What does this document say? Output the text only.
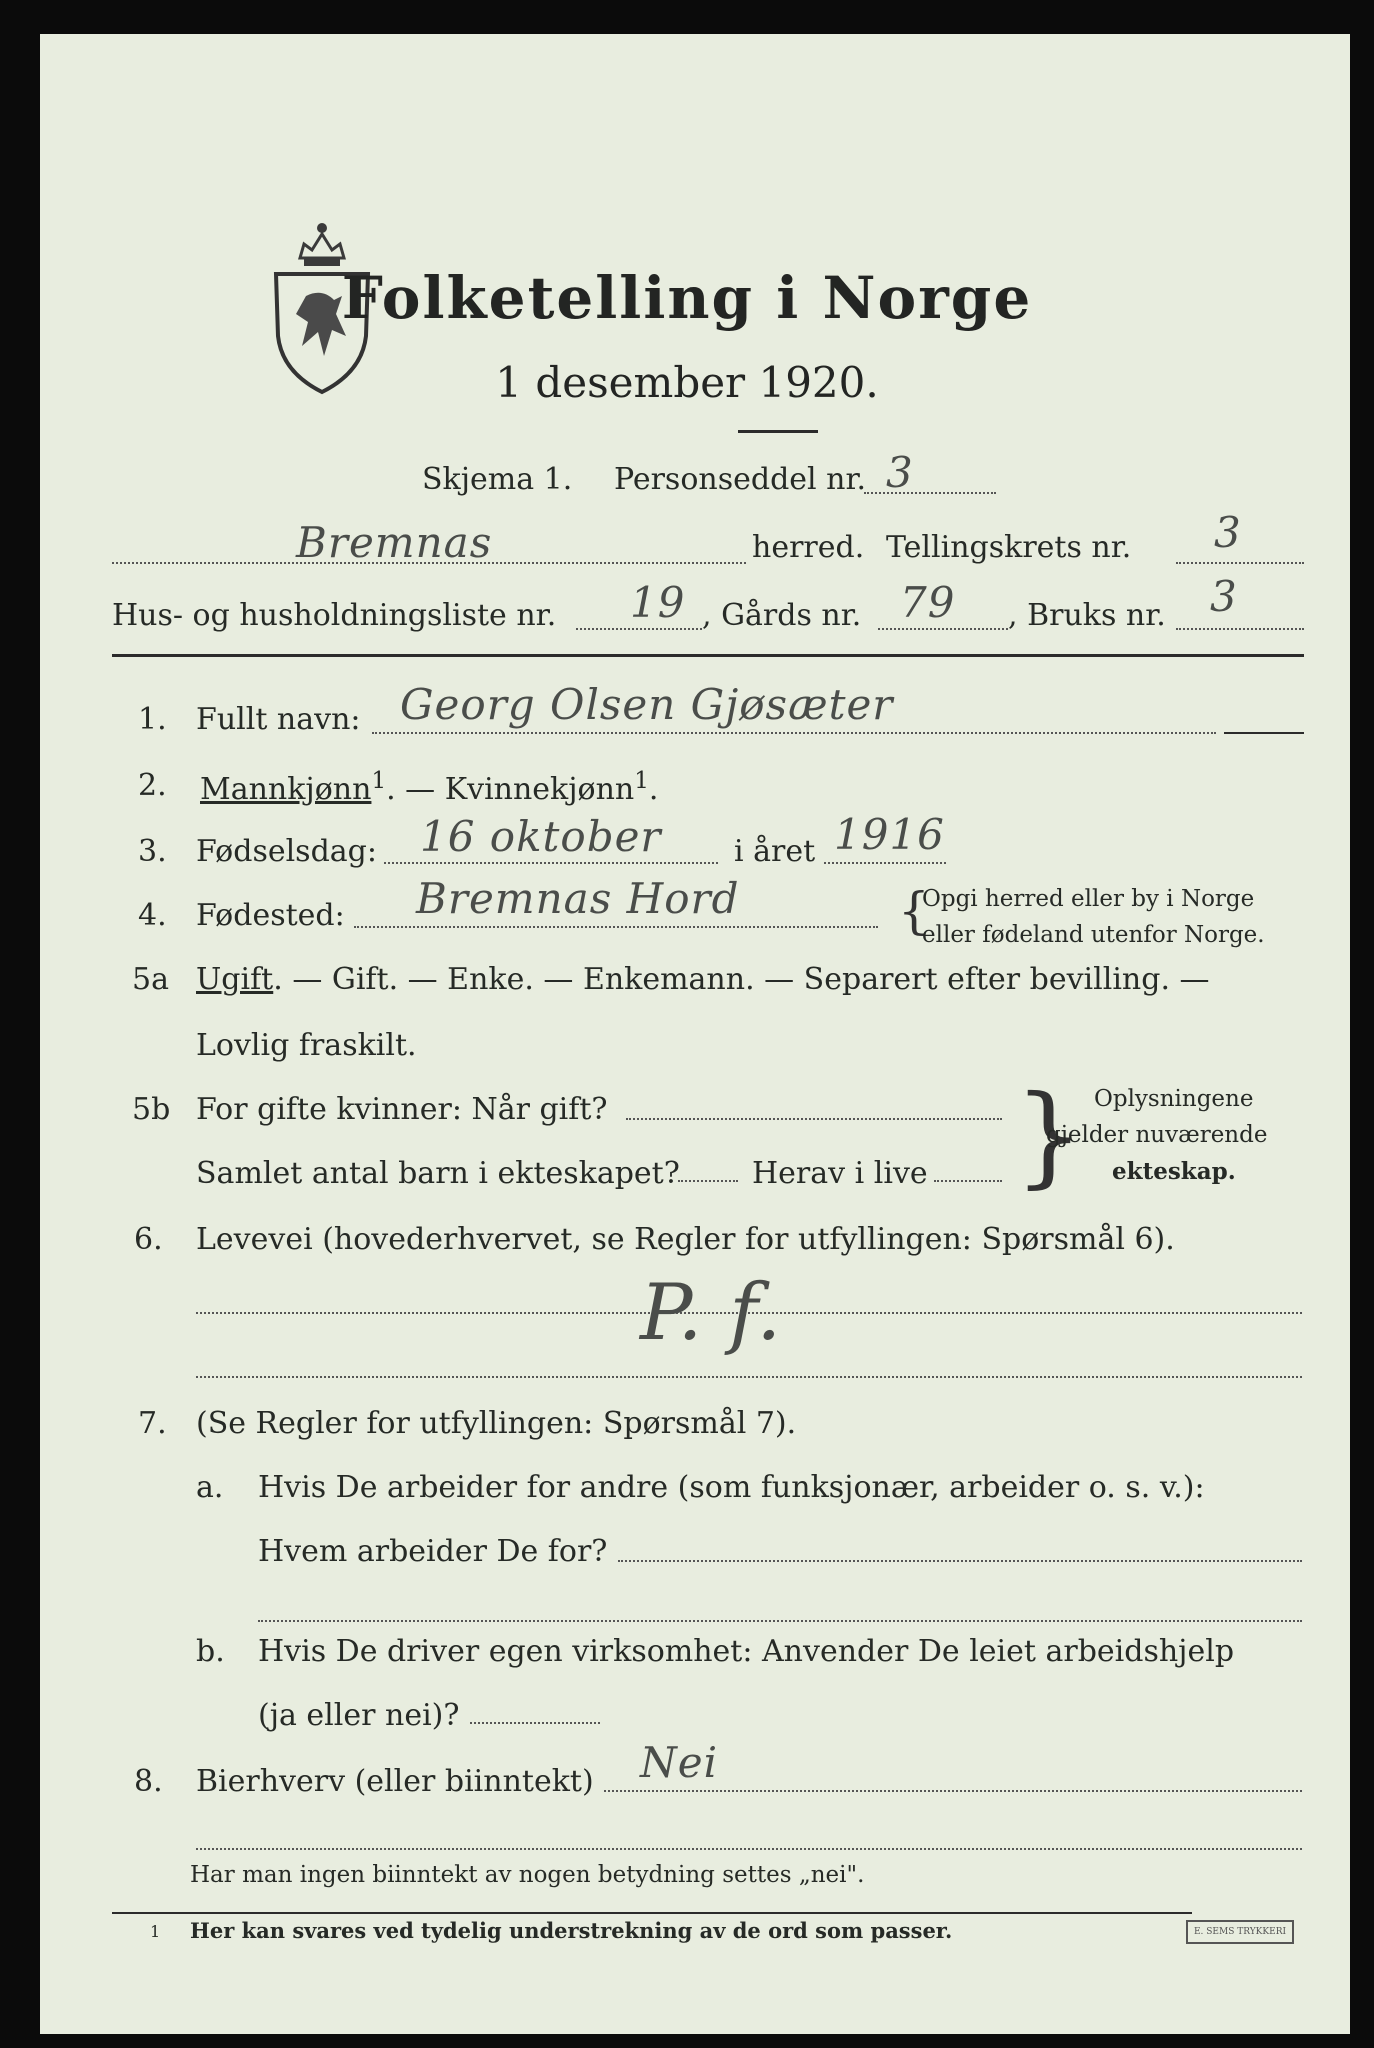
Folketelling i Norge
1 desember 1920.
Skjema 1. Personseddel nr. 3
Bremnas	herred. Tellingskrets nr. 3
Hus- og husholdningsliste nr. 19 , Gårds nr. 79 , Bruks nr. 3
1. Fullt navn: Georg Olsen Gjøsæter
2. Mannkjønn$^1$. — Kvinnekjønn$^1$.
3. Fødselsdag: 16 oktober i året 1916
4. Fødested: Bremnas Hord	{
Opgi herred eller by i Norge
eller fødeland utenfor Norge.
5a Ugift. — Gift. — Enke. — Enkemann. — Separert efter bevilling. —
Lovlig fraskilt.
5b For gifte kvinner: Når gift?
Samlet antal barn i ekteskapet? Herav i live } Oplysningene
gjelder nuværende
ekteskap.
6. Levevei (hovederhvervet, se Regler for utfyllingen: Spørsmål 6).
P. f.
7. (Se Regler for utfyllingen: Spørsmål 7).
a. Hvis De arbeider for andre (som funksjonær, arbeider o. s. v.):
Hvem arbeider De for?
b. Hvis De driver egen virksomhet: Anvender De leiet arbeidshjelp
(ja eller nei)?
8. Bierhverv (eller biinntekt) Nei
Har man ingen biinntekt av nogen betydning settes „nei".
1 Her kan svares ved tydelig understrekning av de ord som passer.	E. SEMS TRYKKERI
